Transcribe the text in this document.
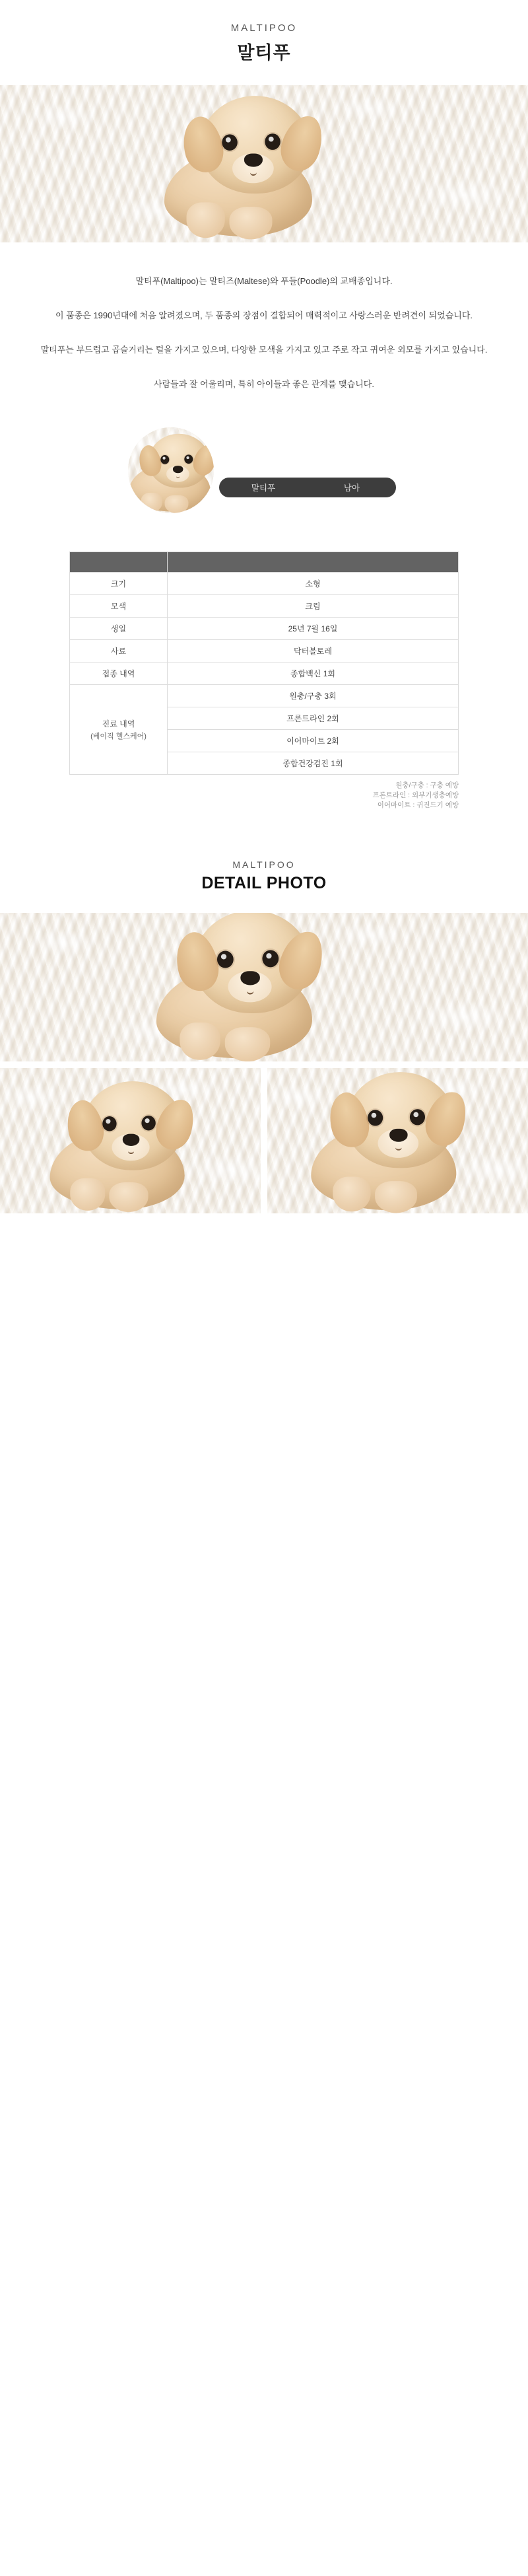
MALTIPOO
말티푸

말티푸(Maltipoo)는 말티즈(Maltese)와 푸들(Poodle)의 교배종입니다.

이 품종은 1990년대에 처음 알려졌으며, 두 품종의 장점이 결합되어 매력적이고 사랑스러운 반려견이 되었습니다.

말티푸는 부드럽고 곱슬거리는 털을 가지고 있으며, 다양한 모색을 가지고 있고 주로 작고 귀여운 외모를 가지고 있습니다.

사람들과 잘 어울리며, 특히 아이들과 좋은 관계를 맺습니다.

말티푸	남아

크기	소형
모색	크림
생일	25년 7월 16일
사료	닥터볼토레
접종 내역	종합백신 1회
진료 내역
(베이직 헬스케어)	원충/구충 3회
	프론트라인 2회
	이어마이트 2회
	종합건강검진 1회
원충/구충 : 구충 예방
프론트라인 : 외부기생충예방
이어마이트 : 귀진드기 예방
MALTIPOO
DETAIL PHOTO
